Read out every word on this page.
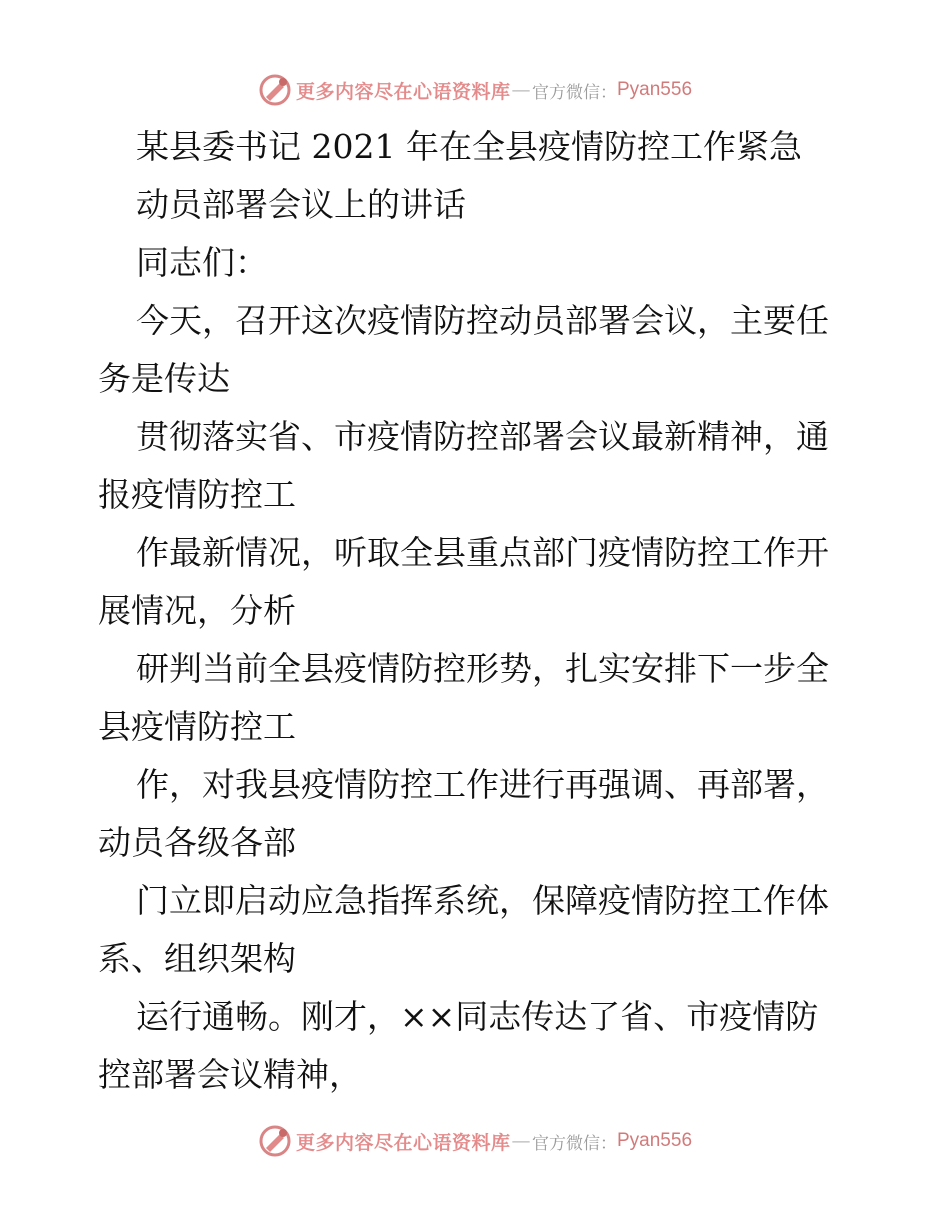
更多内容尽在心语资料库 — 官方微信： Pyan556
某县委书记 2021 年在全县疫情防控工作紧急
动员部署会议上的讲话
同志们：
今天，召开这次疫情防控动员部署会议，主要任
务是传达
贯彻落实省、市疫情防控部署会议最新精神，通
报疫情防控工
作最新情况，听取全县重点部门疫情防控工作开
展情况，分析
研判当前全县疫情防控形势，扎实安排下一步全
县疫情防控工
作，对我县疫情防控工作进行再强调、再部署，
动员各级各部
门立即启动应急指挥系统，保障疫情防控工作体
系、组织架构
运行通畅。刚才，××同志传达了省、市疫情防
控部署会议精神，
更多内容尽在心语资料库 — 官方微信： Pyan556
